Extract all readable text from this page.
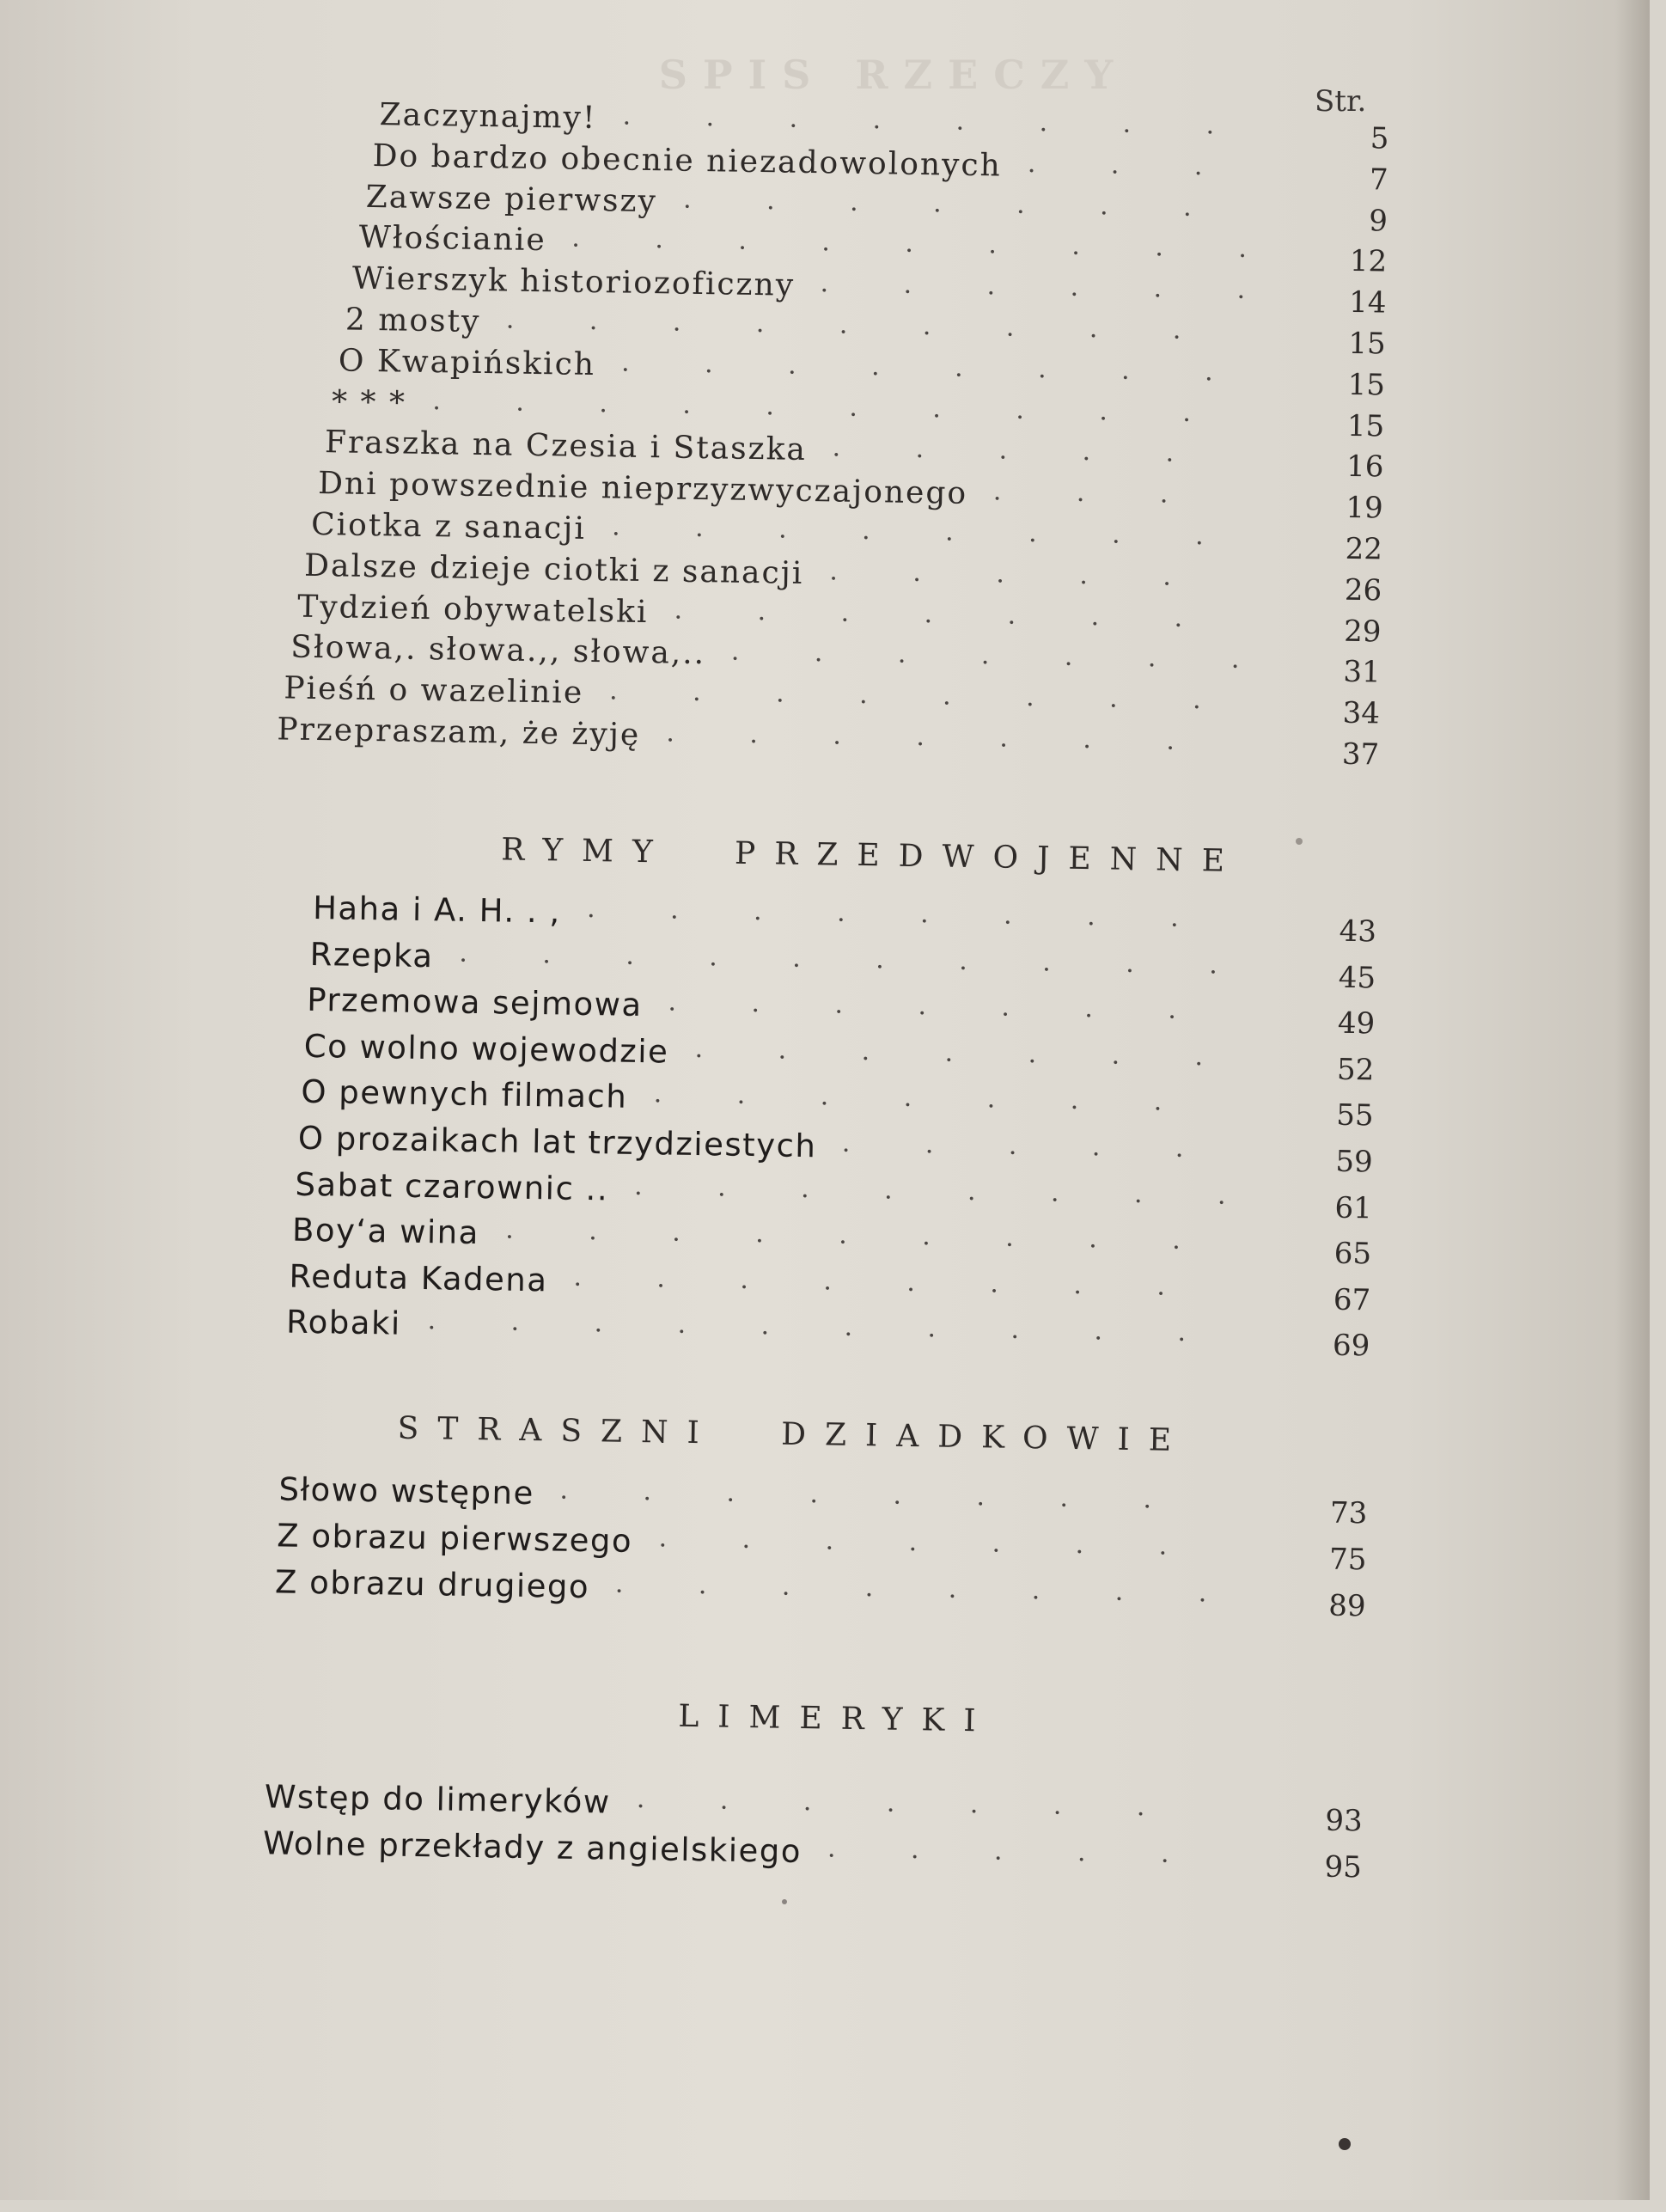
SPIS RZECZY
Str.
Zaczynajmy! .	.	.	.	.	.	.	.	5
Do bardzo obecnie niezadowolonych .	.	.	7
Zawsze pierwszy .	.	.	.	.	.	.	9
Włościanie .	.	.	.	.	.	.	.	.	12
Wierszyk historiozoficzny .	.	.	.	.	.	14
2 mosty .	.	.	.	.	.	.	.	.	15
O Kwapińskich .	.	.	.	.	.	.	.	15
* * * .	.	.	.	.	.	.	.	.	.	15
Fraszka na Czesia i Staszka .	.	.	.	.	16
Dni powszednie nieprzyzwyczajonego .	.	.	19
Ciotka z sanacji .	.	.	.	.	.	.	.	22
Dalsze dzieje ciotki z sanacji .	.	.	.	.	26
Tydzień obywatelski .	.	.	.	.	.	.	29
Słowa,. słowa.,, słowa,.. .	.	.	.	.	.	.	31
Pieśń o wazelinie .	.	.	.	.	.	.	.	34
Przepraszam, że żyję .	.	.	.	.	.	.	37
RYMY PRZEDWOJENNE
Haha i A. H. . , .	.	.	.	.	.	.	.	43
Rzepka .	.	.	.	.	.	.	.	.	.	45
Przemowa sejmowa .	.	.	.	.	.	.	49
Co wolno wojewodzie .	.	.	.	.	.	.	52
O pewnych filmach .	.	.	.	.	.	.	55
O prozaikach lat trzydziestych .	.	.	.	.	59
Sabat czarownic .. .	.	.	.	.	.	.	.	61
Boy‘a wina .	.	.	.	.	.	.	.	.	65
Reduta Kadena .	.	.	.	.	.	.	.	67
Robaki .	.	.	.	.	.	.	.	.	.	69
STRASZNI DZIADKOWIE
Słowo wstępne .	.	.	.	.	.	.	.	73
Z obrazu pierwszego .	.	.	.	.	.	.	75
Z obrazu drugiego .	.	.	.	.	.	.	.	89
LIMERYKI
Wstęp do limeryków .	.	.	.	.	.	.	93
Wolne przekłady z angielskiego .	.	.	.	.	95
